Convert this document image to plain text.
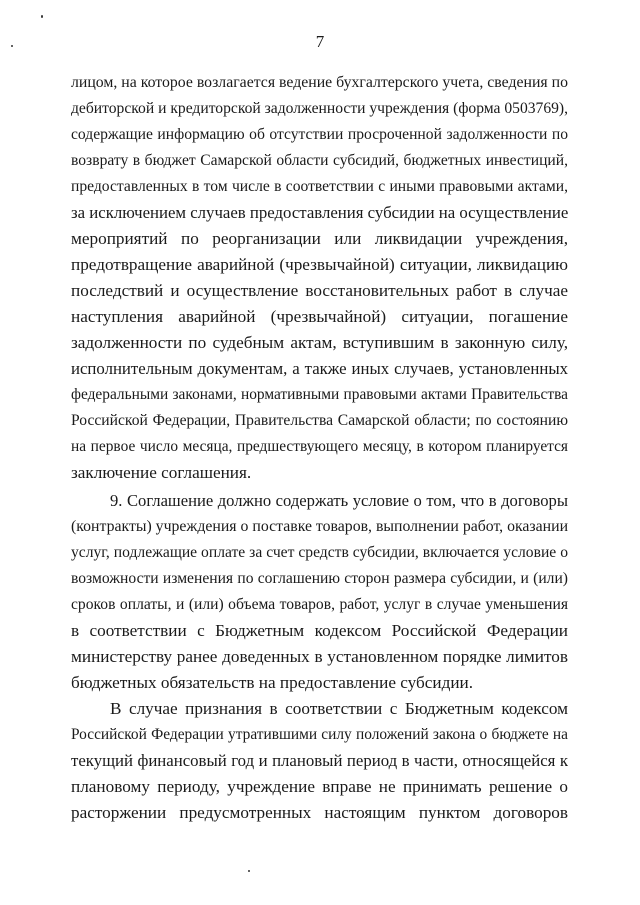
7
лицом, на которое возлагается ведение бухгалтерского учета, сведения по
дебиторской и кредиторской задолженности учреждения (форма 0503769),
содержащие информацию об отсутствии просроченной задолженности по
возврату в бюджет Самарской области субсидий, бюджетных инвестиций,
предоставленных в том числе в соответствии с иными правовыми актами,
за исключением случаев предоставления субсидии на осуществление
мероприятий по реорганизации или ликвидации учреждения,
предотвращение аварийной (чрезвычайной) ситуации, ликвидацию
последствий и осуществление восстановительных работ в случае
наступления аварийной (чрезвычайной) ситуации, погашение
задолженности по судебным актам, вступившим в законную силу,
исполнительным документам, а также иных случаев, установленных
федеральными законами, нормативными правовыми актами Правительства
Российской Федерации, Правительства Самарской области; по состоянию
на первое число месяца, предшествующего месяцу, в котором планируется
заключение соглашения.
9. Соглашение должно содержать условие о том, что в договоры
(контракты) учреждения о поставке товаров, выполнении работ, оказании
услуг, подлежащие оплате за счет средств субсидии, включается условие о
возможности изменения по соглашению сторон размера субсидии, и (или)
сроков оплаты, и (или) объема товаров, работ, услуг в случае уменьшения
в соответствии с Бюджетным кодексом Российской Федерации
министерству ранее доведенных в установленном порядке лимитов
бюджетных обязательств на предоставление субсидии.
В случае признания в соответствии с Бюджетным кодексом
Российской Федерации утратившими силу положений закона о бюджете на
текущий финансовый год и плановый период в части, относящейся к
плановому периоду, учреждение вправе не принимать решение о
расторжении предусмотренных настоящим пунктом договоров
